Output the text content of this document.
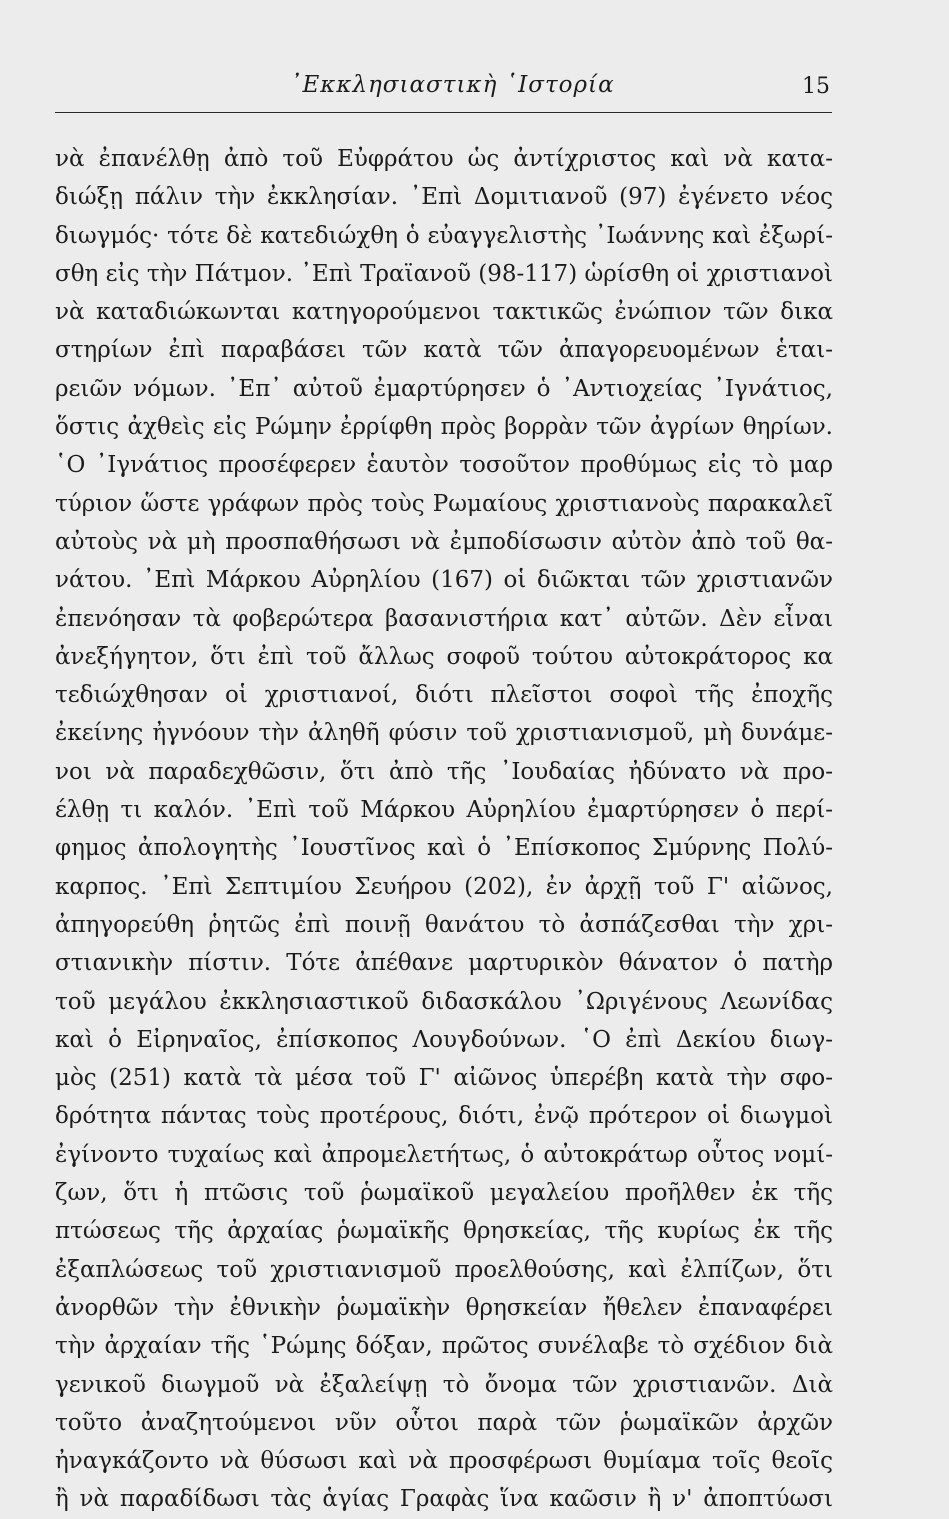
᾿Εκκλησιαστικὴ ῾Ιστορία	15
νὰ ἐπανέλθῃ ἀπὸ τοῦ Εὐφράτου ὡς ἀντίχριστος καὶ νὰ κατα-
διώξῃ πάλιν τὴν ἐκκλησίαν. ᾿Επὶ Δομιτιανοῦ (97) ἐγένετο νέος
διωγμός· τότε δὲ κατεδιώχθη ὁ εὐαγγελιστὴς ᾿Ιωάννης καὶ ἐξωρί-
σθη εἰς τὴν Πάτμον. ᾿Επὶ Τραϊανοῦ (98-117) ὡρίσθη οἱ χριστιανοὶ
νὰ καταδιώκωνται κατηγορούμενοι τακτικῶς ἐνώπιον τῶν δικα
στηρίων ἐπὶ παραβάσει τῶν κατὰ τῶν ἀπαγορευομένων ἑται-
ρειῶν νόμων. ᾿Επ᾿ αὐτοῦ ἐμαρτύρησεν ὁ ᾿Αντιοχείας ᾿Ιγνάτιος,
ὅστις ἀχθεὶς εἰς Ρώμην ἐρρίφθη πρὸς βορρὰν τῶν ἀγρίων θηρίων.
῾Ο ᾿Ιγνάτιος προσέφερεν ἑαυτὸν τοσοῦτον προθύμως εἰς τὸ μαρ
τύριον ὥστε γράφων πρὸς τοὺς Ρωμαίους χριστιανοὺς παρακαλεῖ
αὐτοὺς νὰ μὴ προσπαθήσωσι νὰ ἐμποδίσωσιν αὐτὸν ἀπὸ τοῦ θα-
νάτου. ᾿Επὶ Μάρκου Αὐρηλίου (167) οἱ διῶκται τῶν χριστιανῶν
ἐπενόησαν τὰ φοβερώτερα βασανιστήρια κατ᾿ αὐτῶν. Δὲν εἶναι
ἀνεξήγητον, ὅτι ἐπὶ τοῦ ἄλλως σοφοῦ τούτου αὐτοκράτορος κα
τεδιώχθησαν οἱ χριστιανοί, διότι πλεῖστοι σοφοὶ τῆς ἐποχῆς
ἐκείνης ἠγνόουν τὴν ἀληθῆ φύσιν τοῦ χριστιανισμοῦ, μὴ δυνάμε-
νοι νὰ παραδεχθῶσιν, ὅτι ἀπὸ τῆς ᾿Ιουδαίας ἠδύνατο νὰ προ-
έλθῃ τι καλόν. ᾿Επὶ τοῦ Μάρκου Αὐρηλίου ἐμαρτύρησεν ὁ περί-
φημος ἀπολογητὴς ᾿Ιουστῖνος καὶ ὁ ᾿Επίσκοπος Σμύρνης Πολύ-
καρπος. ᾿Επὶ Σεπτιμίου Σευήρου (202), ἐν ἀρχῇ τοῦ Γ' αἰῶνος,
ἀπηγορεύθη ῥητῶς ἐπὶ ποινῇ θανάτου τὸ ἀσπάζεσθαι τὴν χρι-
στιανικὴν πίστιν. Τότε ἀπέθανε μαρτυρικὸν θάνατον ὁ πατὴρ
τοῦ μεγάλου ἐκκλησιαστικοῦ διδασκάλου ᾿Ωριγένους Λεωνίδας
καὶ ὁ Εἰρηναῖος, ἐπίσκοπος Λουγδούνων. ῾Ο ἐπὶ Δεκίου διωγ-
μὸς (251) κατὰ τὰ μέσα τοῦ Γ' αἰῶνος ὑπερέβη κατὰ τὴν σφο-
δρότητα πάντας τοὺς προτέρους, διότι, ἐνῷ πρότερον οἱ διωγμοὶ
ἐγίνοντο τυχαίως καὶ ἀπρομελετήτως, ὁ αὐτοκράτωρ οὗτος νομί-
ζων, ὅτι ἡ πτῶσις τοῦ ῥωμαϊκοῦ μεγαλείου προῆλθεν ἐκ τῆς
πτώσεως τῆς ἀρχαίας ῥωμαϊκῆς θρησκείας, τῆς κυρίως ἐκ τῆς
ἐξαπλώσεως τοῦ χριστιανισμοῦ προελθούσης, καὶ ἐλπίζων, ὅτι
ἀνορθῶν τὴν ἐθνικὴν ῥωμαϊκὴν θρησκείαν ἤθελεν ἐπαναφέρει
τὴν ἀρχαίαν τῆς ῾Ρώμης δόξαν, πρῶτος συνέλαβε τὸ σχέδιον διὰ
γενικοῦ διωγμοῦ νὰ ἐξαλείψῃ τὸ ὄνομα τῶν χριστιανῶν. Διὰ
τοῦτο ἀναζητούμενοι νῦν οὗτοι παρὰ τῶν ῥωμαϊκῶν ἀρχῶν
ἠναγκάζοντο νὰ θύσωσι καὶ νὰ προσφέρωσι θυμίαμα τοῖς θεοῖς
ἢ νὰ παραδίδωσι τὰς ἁγίας Γραφὰς ἵνα καῶσιν ἢ ν' ἀποπτύωσι
